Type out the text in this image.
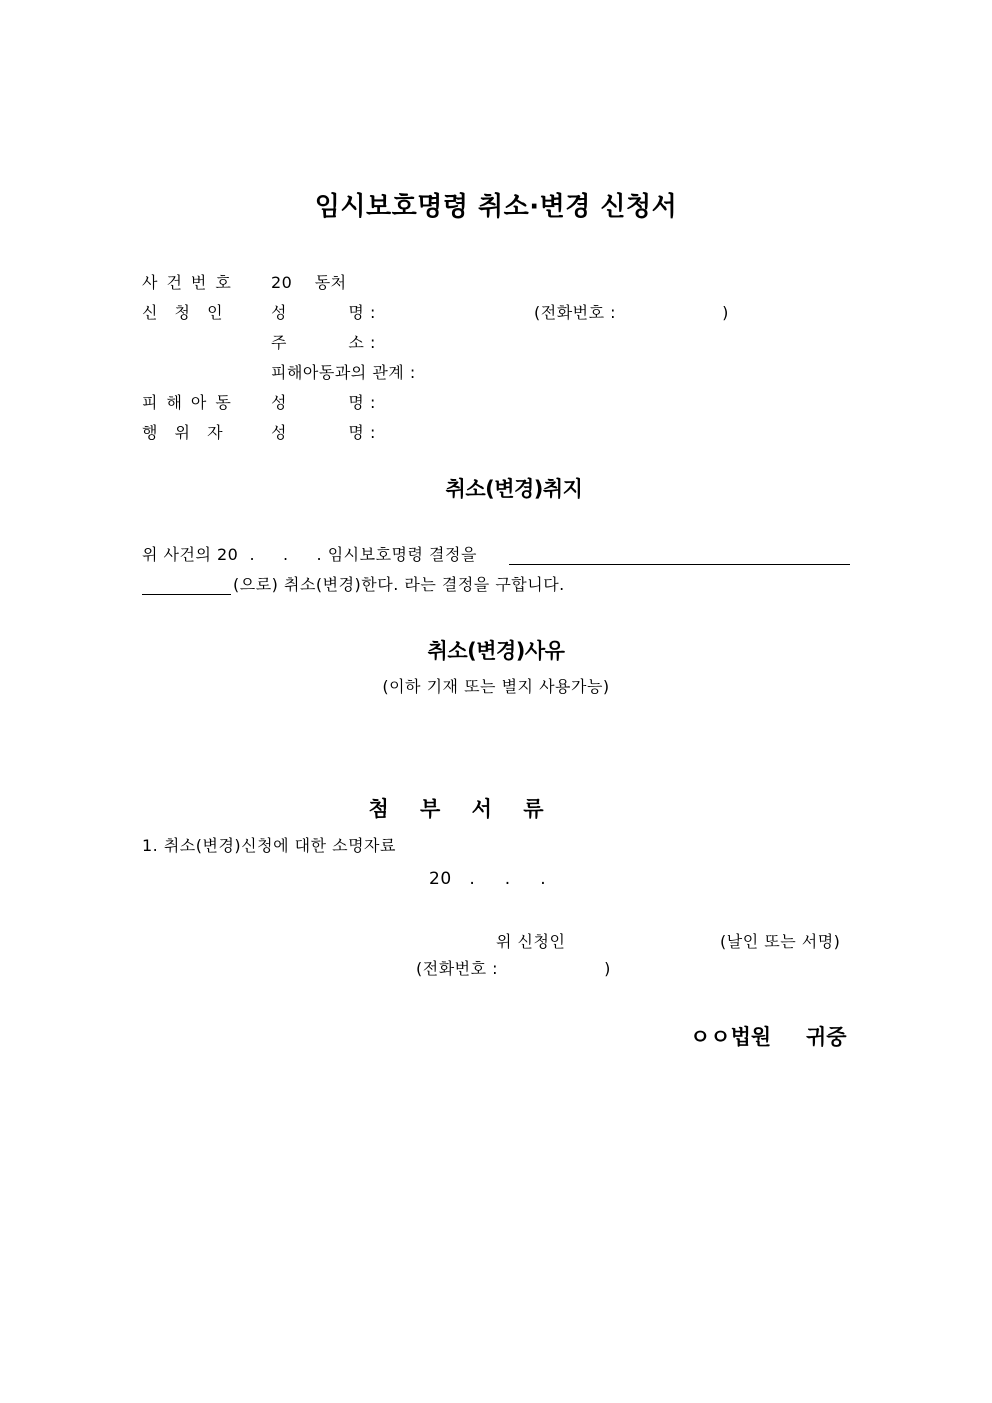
임시보호명령 취소·변경 신청서
사건번호 20    동처
신 청 인	성           명 :	(전화번호 :                   )
주           소 :
피해아동과의 관계 :
피해아동 성           명 :
행 위 자	성           명 :
취소(변경)취지
위 사건의 20  .     .     . 임시보호명령 결정을
(으로) 취소(변경)한다. 라는 결정을 구합니다.
취소(변경)사유
(이하 기재 또는 별지 사용가능)
첨 부 서 류
1. 취소(변경)신청에 대한 소명자료
20   .     .     .
위 신청인	(날인 또는 서명)
(전화번호 :                   )
ㅇㅇ법원 귀중
